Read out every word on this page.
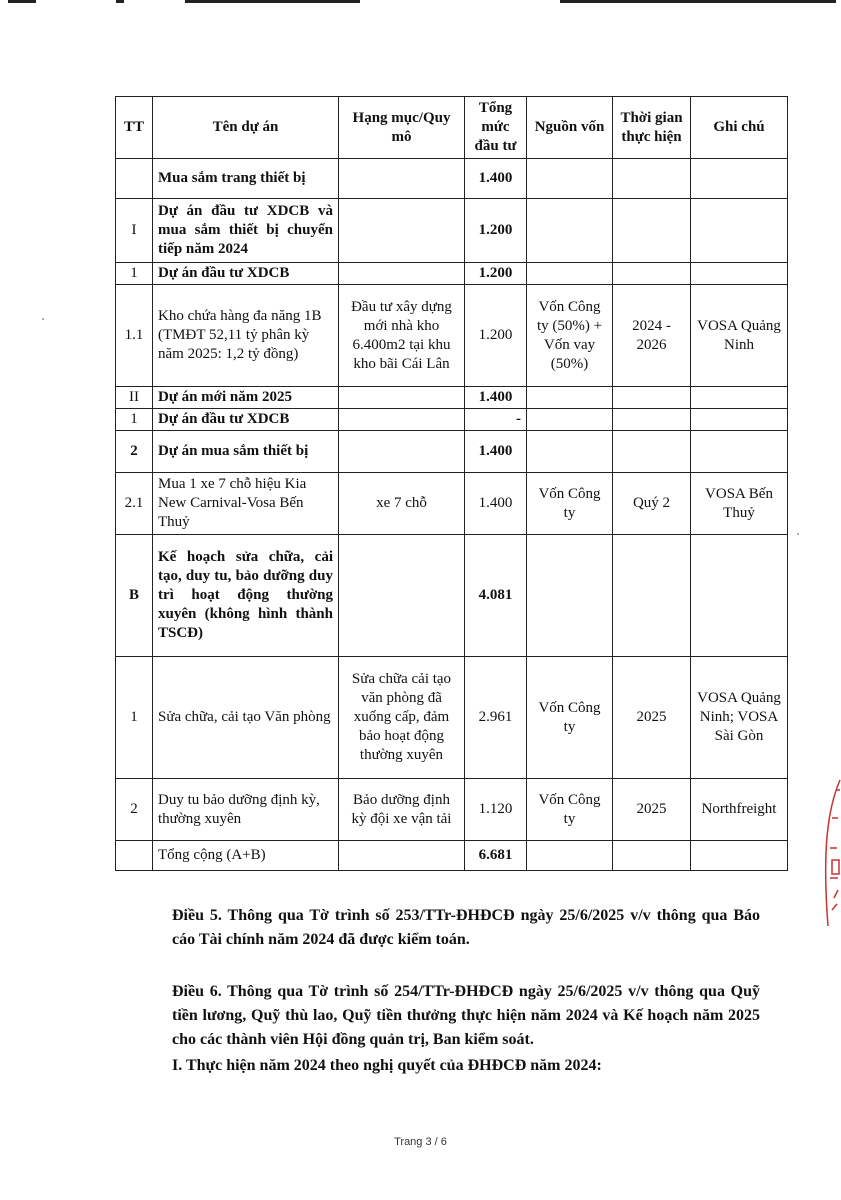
TT	Tên dự án	Hạng mục/Quy mô	Tổng mức đầu tư	Nguồn vốn	Thời gian thực hiện	Ghi chú
	Mua sắm trang thiết bị		1.400			
I	Dự án đầu tư XDCB và mua sắm thiết bị chuyển tiếp năm 2024		1.200			
1	Dự án đầu tư XDCB		1.200			
1.1	Kho chứa hàng đa năng 1B (TMĐT 52,11 tỷ phân kỳ năm 2025: 1,2 tỷ đồng)	Đầu tư xây dựng mới nhà kho 6.400m2 tại khu kho bãi Cái Lân	1.200	Vốn Công ty (50%) + Vốn vay (50%)	2024 - 2026	VOSA Quảng Ninh
II	Dự án mới năm 2025		1.400			
1	Dự án đầu tư XDCB		-			
2	Dự án mua sắm thiết bị		1.400			
2.1	Mua 1 xe 7 chỗ hiệu Kia New Carnival-Vosa Bến Thuỷ	xe 7 chỗ	1.400	Vốn Công ty	Quý 2	VOSA Bến Thuỷ
B	Kế hoạch sửa chữa, cải tạo, duy tu, bảo dưỡng duy trì hoạt động thường xuyên (không hình thành TSCĐ)		4.081			
1	Sửa chữa, cải tạo Văn phòng	Sửa chữa cải tạo văn phòng đã xuống cấp, đảm bảo hoạt động thường xuyên	2.961	Vốn Công ty	2025	VOSA Quảng Ninh; VOSA Sài Gòn
2	Duy tu bảo dưỡng định kỳ, thường xuyên	Bảo dưỡng định kỳ đội xe vận tải	1.120	Vốn Công ty	2025	Northfreight
	Tổng cộng (A+B)		6.681			
Điều 5. Thông qua Tờ trình số 253/TTr-ĐHĐCĐ ngày 25/6/2025 v/v thông qua Báo cáo Tài chính năm 2024 đã được kiểm toán.
Điều 6. Thông qua Tờ trình số 254/TTr-ĐHĐCĐ ngày 25/6/2025 v/v thông qua Quỹ tiền lương, Quỹ thù lao, Quỹ tiền thưởng thực hiện năm 2024 và Kế hoạch năm 2025 cho các thành viên Hội đồng quản trị, Ban kiểm soát.
I. Thực hiện năm 2024 theo nghị quyết của ĐHĐCĐ năm 2024:
Trang 3 / 6
